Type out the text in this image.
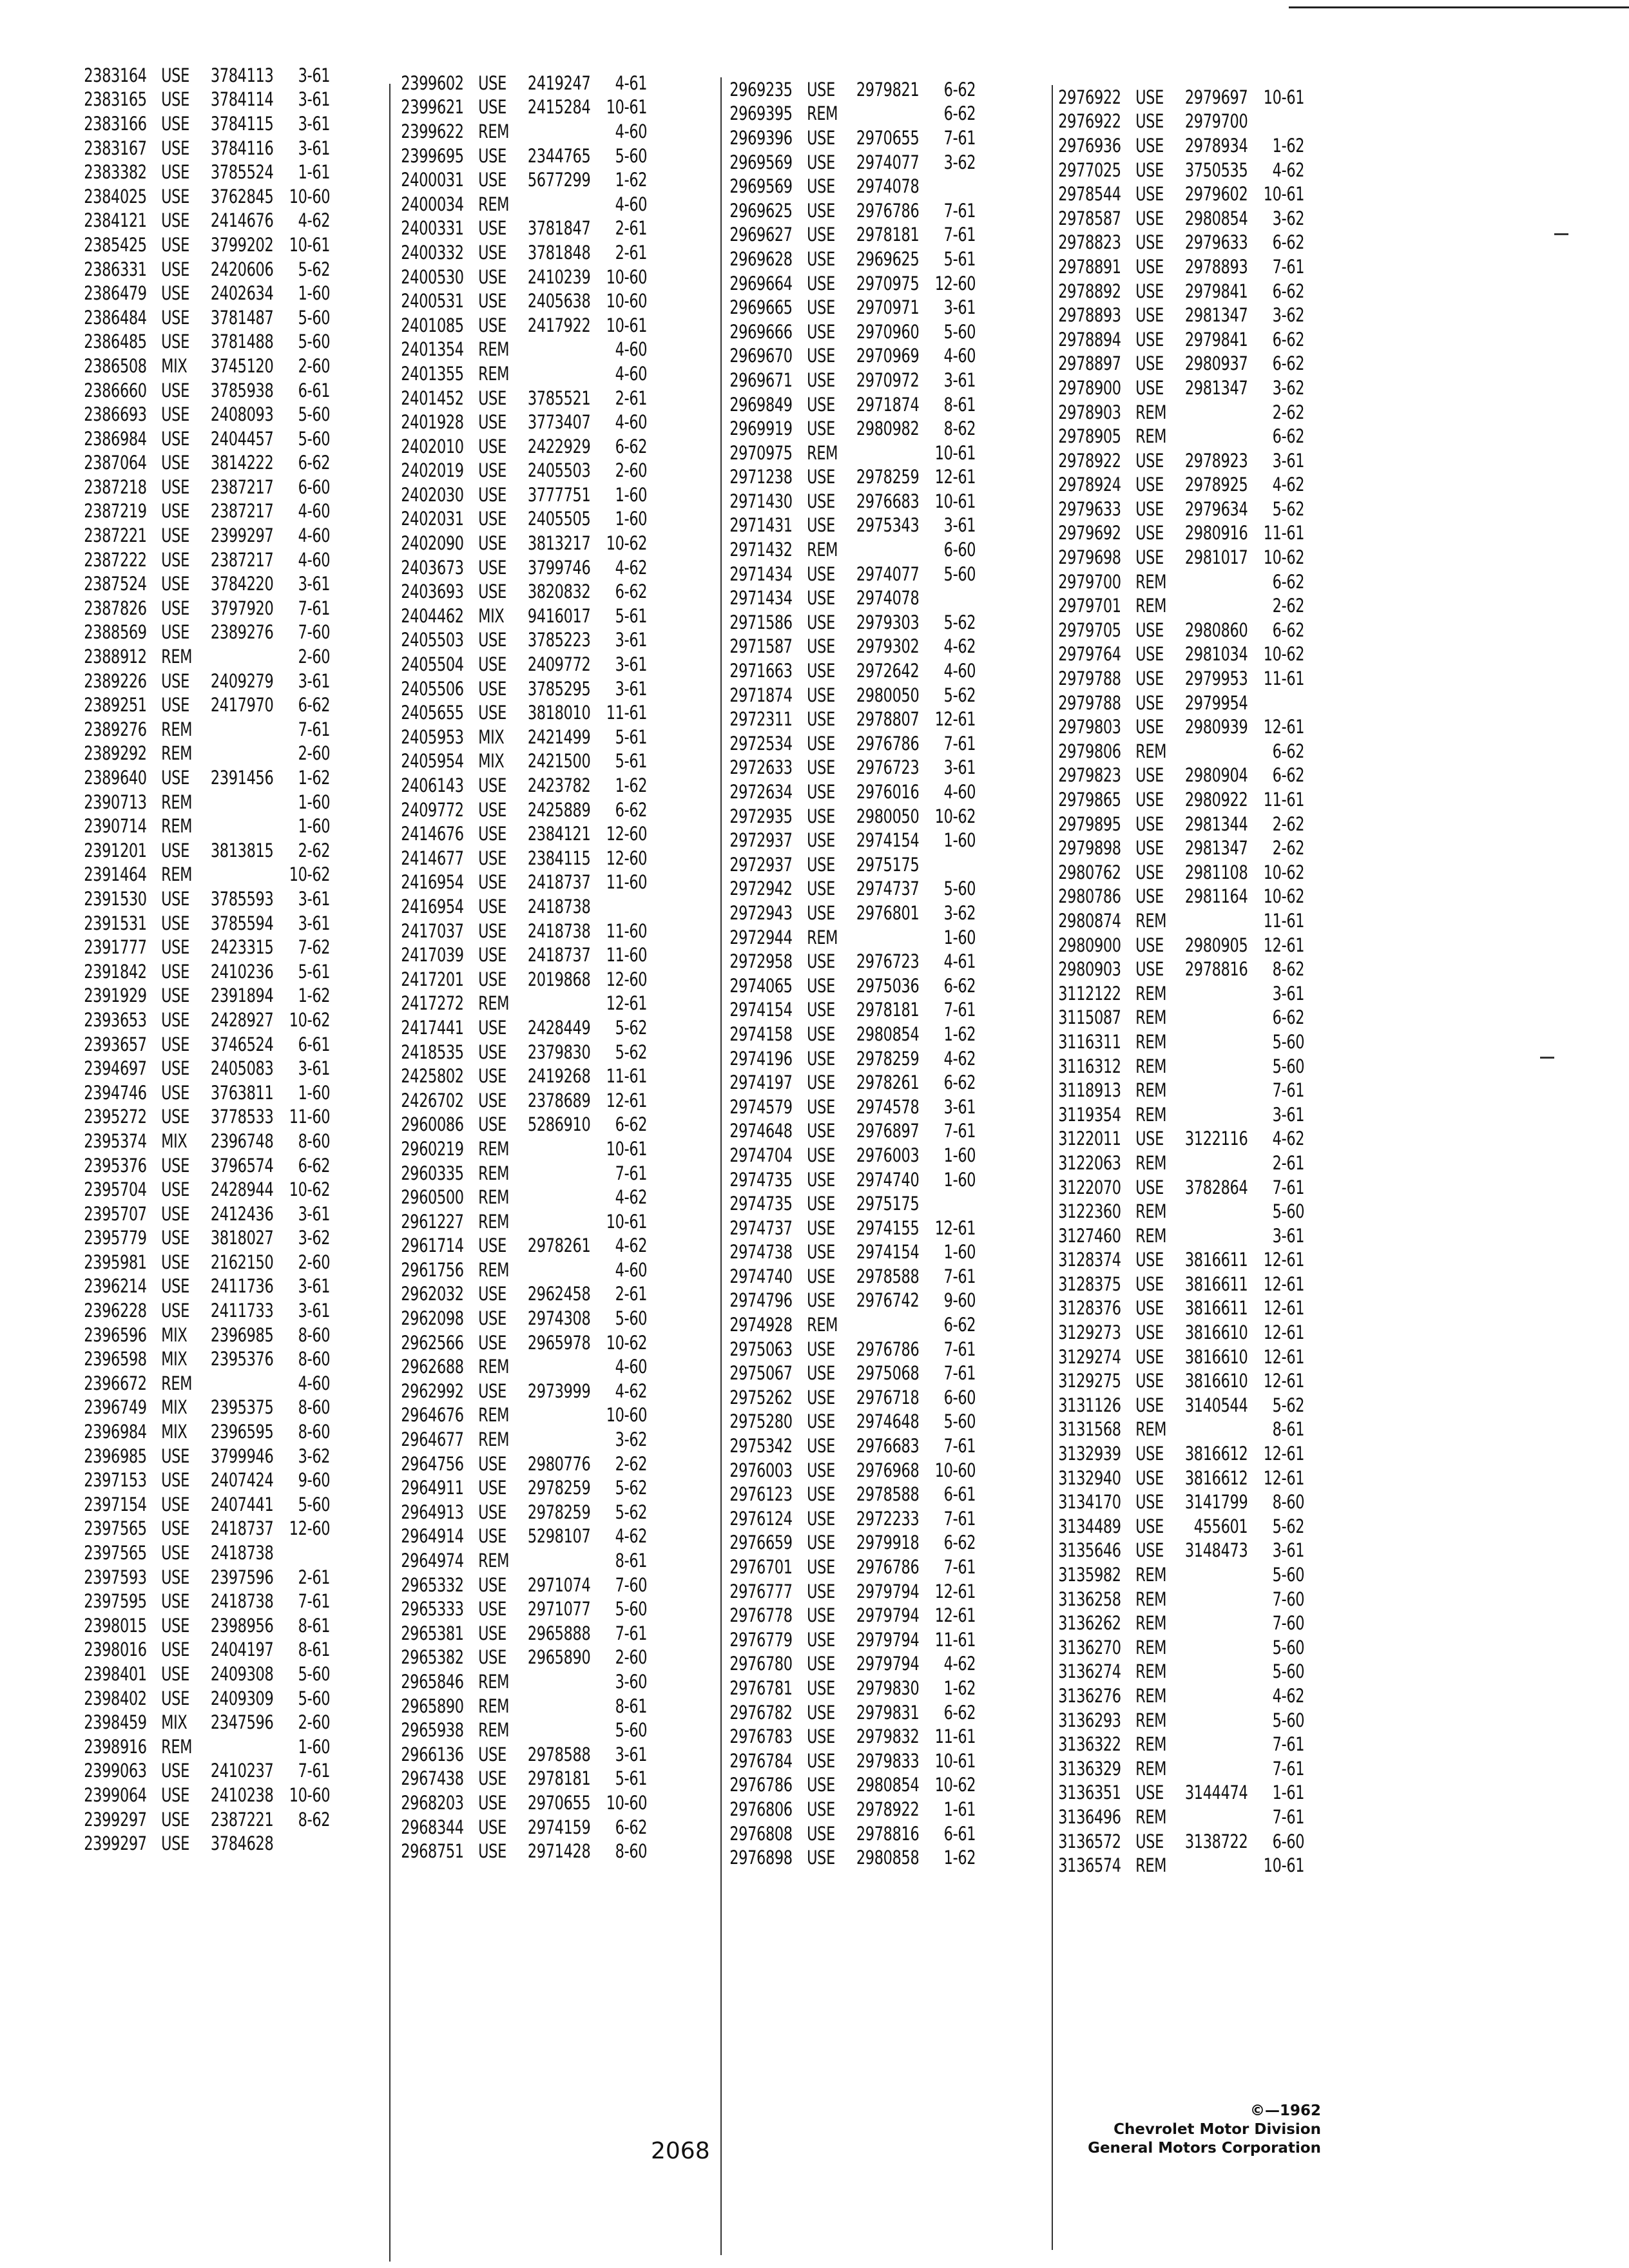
2383164 USE	3784113	3-61
2383165 USE	3784114	3-61
2383166 USE	3784115	3-61
2383167 USE	3784116	3-61
2383382 USE	3785524	1-61
2384025 USE	3762845 10-60
2384121 USE	2414676	4-62
2385425 USE	3799202 10-61
2386331 USE	2420606	5-62
2386479 USE	2402634	1-60
2386484 USE	3781487	5-60
2386485 USE	3781488	5-60
2386508 MIX	3745120	2-60
2386660 USE	3785938	6-61
2386693 USE	2408093	5-60
2386984 USE	2404457	5-60
2387064 USE	3814222	6-62
2387218 USE	2387217	6-60
2387219 USE	2387217	4-60
2387221 USE	2399297	4-60
2387222 USE	2387217	4-60
2387524 USE	3784220	3-61
2387826 USE	3797920	7-61
2388569 USE	2389276	7-60
2388912 REM	2-60
2389226 USE	2409279	3-61
2389251 USE	2417970	6-62
2389276 REM	7-61
2389292 REM	2-60
2389640 USE	2391456	1-62
2390713 REM	1-60
2390714 REM	1-60
2391201 USE	3813815	2-62
2391464 REM	10-62
2391530 USE	3785593	3-61
2391531 USE	3785594	3-61
2391777 USE	2423315	7-62
2391842 USE	2410236	5-61
2391929 USE	2391894	1-62
2393653 USE	2428927 10-62
2393657 USE	3746524	6-61
2394697 USE	2405083	3-61
2394746 USE	3763811	1-60
2395272 USE	3778533 11-60
2395374 MIX	2396748	8-60
2395376 USE	3796574	6-62
2395704 USE	2428944 10-62
2395707 USE	2412436	3-61
2395779 USE	3818027	3-62
2395981 USE	2162150	2-60
2396214 USE	2411736	3-61
2396228 USE	2411733	3-61
2396596 MIX	2396985	8-60
2396598 MIX	2395376	8-60
2396672 REM	4-60
2396749 MIX	2395375	8-60
2396984 MIX	2396595	8-60
2396985 USE	3799946	3-62
2397153 USE	2407424	9-60
2397154 USE	2407441	5-60
2397565 USE	2418737 12-60
2397565 USE	2418738
2397593 USE	2397596	2-61
2397595 USE	2418738	7-61
2398015 USE	2398956	8-61
2398016 USE	2404197	8-61
2398401 USE	2409308	5-60
2398402 USE	2409309	5-60
2398459 MIX	2347596	2-60
2398916 REM	1-60
2399063 USE	2410237	7-61
2399064 USE	2410238 10-60
2399297 USE	2387221	8-62
2399297 USE	3784628
2399602 USE	2419247	4-61
2399621 USE	2415284 10-61
2399622 REM	4-60
2399695 USE	2344765	5-60
2400031 USE	5677299	1-62
2400034 REM	4-60
2400331 USE	3781847	2-61
2400332 USE	3781848	2-61
2400530 USE	2410239 10-60
2400531 USE	2405638 10-60
2401085 USE	2417922 10-61
2401354 REM	4-60
2401355 REM	4-60
2401452 USE	3785521	2-61
2401928 USE	3773407	4-60
2402010 USE	2422929	6-62
2402019 USE	2405503	2-60
2402030 USE	3777751	1-60
2402031 USE	2405505	1-60
2402090 USE	3813217 10-62
2403673 USE	3799746	4-62
2403693 USE	3820832	6-62
2404462 MIX	9416017	5-61
2405503 USE	3785223	3-61
2405504 USE	2409772	3-61
2405506 USE	3785295	3-61
2405655 USE	3818010 11-61
2405953 MIX	2421499	5-61
2405954 MIX	2421500	5-61
2406143 USE	2423782	1-62
2409772 USE	2425889	6-62
2414676 USE	2384121 12-60
2414677 USE	2384115 12-60
2416954 USE	2418737 11-60
2416954 USE	2418738
2417037 USE	2418738 11-60
2417039 USE	2418737 11-60
2417201 USE	2019868 12-60
2417272 REM	12-61
2417441 USE	2428449	5-62
2418535 USE	2379830	5-62
2425802 USE	2419268 11-61
2426702 USE	2378689 12-61
2960086 USE	5286910	6-62
2960219 REM	10-61
2960335 REM	7-61
2960500 REM	4-62
2961227 REM	10-61
2961714 USE	2978261	4-62
2961756 REM	4-60
2962032 USE	2962458	2-61
2962098 USE	2974308	5-60
2962566 USE	2965978 10-62
2962688 REM	4-60
2962992 USE	2973999	4-62
2964676 REM	10-60
2964677 REM	3-62
2964756 USE	2980776	2-62
2964911 USE	2978259	5-62
2964913 USE	2978259	5-62
2964914 USE	5298107	4-62
2964974 REM	8-61
2965332 USE	2971074	7-60
2965333 USE	2971077	5-60
2965381 USE	2965888	7-61
2965382 USE	2965890	2-60
2965846 REM	3-60
2965890 REM	8-61
2965938 REM	5-60
2966136 USE	2978588	3-61
2967438 USE	2978181	5-61
2968203 USE	2970655 10-60
2968344 USE	2974159	6-62
2968751 USE	2971428	8-60
2969235 USE	2979821	6-62
2969395 REM	6-62
2969396 USE	2970655	7-61
2969569 USE	2974077	3-62
2969569 USE	2974078
2969625 USE	2976786	7-61
2969627 USE	2978181	7-61
2969628 USE	2969625	5-61
2969664 USE	2970975 12-60
2969665 USE	2970971	3-61
2969666 USE	2970960	5-60
2969670 USE	2970969	4-60
2969671 USE	2970972	3-61
2969849 USE	2971874	8-61
2969919 USE	2980982	8-62
2970975 REM	10-61
2971238 USE	2978259 12-61
2971430 USE	2976683 10-61
2971431 USE	2975343	3-61
2971432 REM	6-60
2971434 USE	2974077	5-60
2971434 USE	2974078
2971586 USE	2979303	5-62
2971587 USE	2979302	4-62
2971663 USE	2972642	4-60
2971874 USE	2980050	5-62
2972311 USE	2978807 12-61
2972534 USE	2976786	7-61
2972633 USE	2976723	3-61
2972634 USE	2976016	4-60
2972935 USE	2980050 10-62
2972937 USE	2974154	1-60
2972937 USE	2975175
2972942 USE	2974737	5-60
2972943 USE	2976801	3-62
2972944 REM	1-60
2972958 USE	2976723	4-61
2974065 USE	2975036	6-62
2974154 USE	2978181	7-61
2974158 USE	2980854	1-62
2974196 USE	2978259	4-62
2974197 USE	2978261	6-62
2974579 USE	2974578	3-61
2974648 USE	2976897	7-61
2974704 USE	2976003	1-60
2974735 USE	2974740	1-60
2974735 USE	2975175
2974737 USE	2974155 12-61
2974738 USE	2974154	1-60
2974740 USE	2978588	7-61
2974796 USE	2976742	9-60
2974928 REM	6-62
2975063 USE	2976786	7-61
2975067 USE	2975068	7-61
2975262 USE	2976718	6-60
2975280 USE	2974648	5-60
2975342 USE	2976683	7-61
2976003 USE	2976968 10-60
2976123 USE	2978588	6-61
2976124 USE	2972233	7-61
2976659 USE	2979918	6-62
2976701 USE	2976786	7-61
2976777 USE	2979794 12-61
2976778 USE	2979794 12-61
2976779 USE	2979794 11-61
2976780 USE	2979794	4-62
2976781 USE	2979830	1-62
2976782 USE	2979831	6-62
2976783 USE	2979832 11-61
2976784 USE	2979833 10-61
2976786 USE	2980854 10-62
2976806 USE	2978922	1-61
2976808 USE	2978816	6-61
2976898 USE	2980858	1-62
2976922 USE	2979697 10-61
2976922 USE	2979700
2976936 USE	2978934	1-62
2977025 USE	3750535	4-62
2978544 USE	2979602 10-61
2978587 USE	2980854	3-62
2978823 USE	2979633	6-62
2978891 USE	2978893	7-61
2978892 USE	2979841	6-62
2978893 USE	2981347	3-62
2978894 USE	2979841	6-62
2978897 USE	2980937	6-62
2978900 USE	2981347	3-62
2978903 REM	2-62
2978905 REM	6-62
2978922 USE	2978923	3-61
2978924 USE	2978925	4-62
2979633 USE	2979634	5-62
2979692 USE	2980916 11-61
2979698 USE	2981017 10-62
2979700 REM	6-62
2979701 REM	2-62
2979705 USE	2980860	6-62
2979764 USE	2981034 10-62
2979788 USE	2979953 11-61
2979788 USE	2979954
2979803 USE	2980939 12-61
2979806 REM	6-62
2979823 USE	2980904	6-62
2979865 USE	2980922 11-61
2979895 USE	2981344	2-62
2979898 USE	2981347	2-62
2980762 USE	2981108 10-62
2980786 USE	2981164 10-62
2980874 REM	11-61
2980900 USE	2980905 12-61
2980903 USE	2978816	8-62
3112122 REM	3-61
3115087 REM	6-62
3116311 REM	5-60
3116312 REM	5-60
3118913 REM	7-61
3119354 REM	3-61
3122011 USE	3122116	4-62
3122063 REM	2-61
3122070 USE	3782864	7-61
3122360 REM	5-60
3127460 REM	3-61
3128374 USE	3816611 12-61
3128375 USE	3816611 12-61
3128376 USE	3816611 12-61
3129273 USE	3816610 12-61
3129274 USE	3816610 12-61
3129275 USE	3816610 12-61
3131126 USE	3140544	5-62
3131568 REM	8-61
3132939 USE	3816612 12-61
3132940 USE	3816612 12-61
3134170 USE	3141799	8-60
3134489 USE	455601	5-62
3135646 USE	3148473	3-61
3135982 REM	5-60
3136258 REM	7-60
3136262 REM	7-60
3136270 REM	5-60
3136274 REM	5-60
3136276 REM	4-62
3136293 REM	5-60
3136322 REM	7-61
3136329 REM	7-61
3136351 USE	3144474	1-61
3136496 REM	7-61
3136572 USE	3138722	6-60
3136574 REM	10-61
2068
©—1962
Chevrolet Motor Division
General Motors Corporation
